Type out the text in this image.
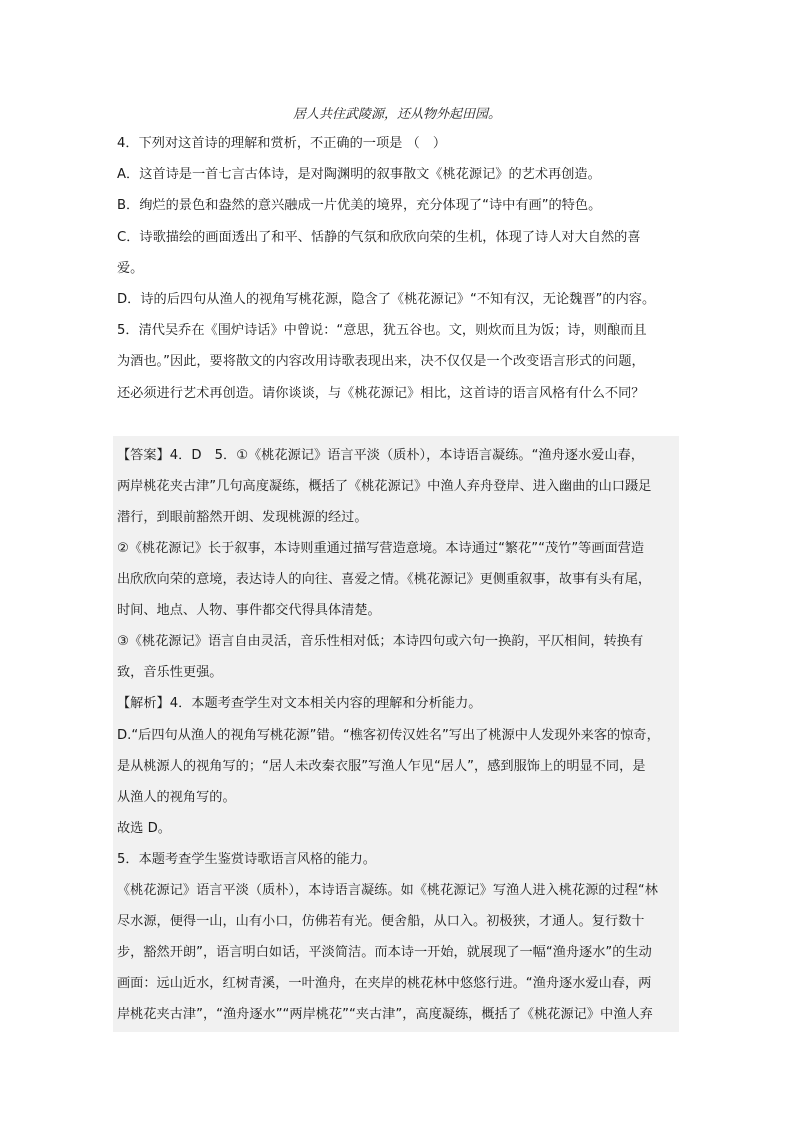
居人共住武陵源，还从物外起田园。
4．下列对这首诗的理解和赏析，不正确的一项是 （　）
A．这首诗是一首七言古体诗，是对陶渊明的叙事散文《桃花源记》的艺术再创造。
B．绚烂的景色和盎然的意兴融成一片优美的境界，充分体现了“诗中有画”的特色。
C．诗歌描绘的画面透出了和平、恬静的气氛和欣欣向荣的生机，体现了诗人对大自然的喜
爱。
D．诗的后四句从渔人的视角写桃花源，隐含了《桃花源记》“不知有汉，无论魏晋”的内容。
5．清代吴乔在《围炉诗话》中曾说：“意思，犹五谷也。文，则炊而且为饭；诗，则酿而且
为酒也。”因此，要将散文的内容改用诗歌表现出来，决不仅仅是一个改变语言形式的问题，
还必须进行艺术再创造。请你谈谈，与《桃花源记》相比，这首诗的语言风格有什么不同？
【答案】4．D　5．①《桃花源记》语言平淡（质朴），本诗语言凝练。“渔舟逐水爱山春，
两岸桃花夹古津”几句高度凝练，概括了《桃花源记》中渔人弃舟登岸、进入幽曲的山口蹑足
潜行，到眼前豁然开朗、发现桃源的经过。
②《桃花源记》长于叙事，本诗则重通过描写营造意境。本诗通过“繁花”“茂竹”等画面营造
出欣欣向荣的意境，表达诗人的向往、喜爱之情。《桃花源记》更侧重叙事，故事有头有尾，
时间、地点、人物、事件都交代得具体清楚。
③《桃花源记》语言自由灵活，音乐性相对低；本诗四句或六句一换韵，平仄相间，转换有
致，音乐性更强。
【解析】4．本题考查学生对文本相关内容的理解和分析能力。
D.“后四句从渔人的视角写桃花源”错。“樵客初传汉姓名”写出了桃源中人发现外来客的惊奇，
是从桃源人的视角写的；“居人未改秦衣服”写渔人乍见“居人”，感到服饰上的明显不同，是
从渔人的视角写的。
故选 D。
5．本题考查学生鉴赏诗歌语言风格的能力。
《桃花源记》语言平淡（质朴），本诗语言凝练。如《桃花源记》写渔人进入桃花源的过程“林
尽水源，便得一山，山有小口，仿佛若有光。便舍船，从口入。初极狭，才通人。复行数十
步，豁然开朗”，语言明白如话，平淡简洁。而本诗一开始，就展现了一幅“渔舟逐水”的生动
画面：远山近水，红树青溪，一叶渔舟，在夹岸的桃花林中悠悠行进。“渔舟逐水爱山春，两
岸桃花夹古津”，“渔舟逐水”“两岸桃花”“夹古津”，高度凝练，概括了《桃花源记》中渔人弃
